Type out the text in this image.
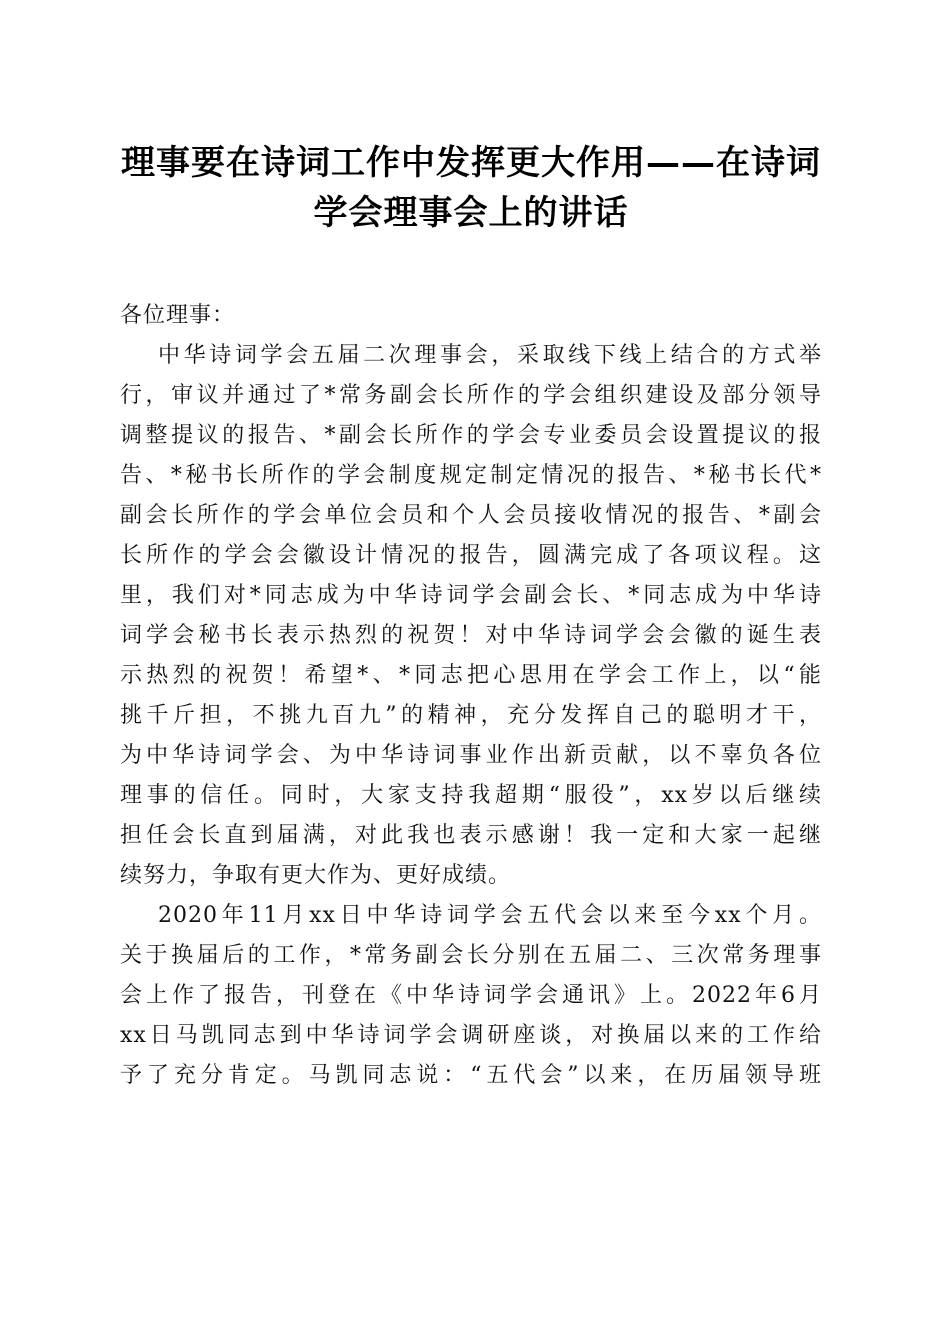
理事要在诗词工作中发挥更大作用——在诗词
学会理事会上的讲话
各位理事：
中华诗词学会五届二次理事会，采取线下线上结合的方式举
行，审议并通过了*常务副会长所作的学会组织建设及部分领导
调整提议的报告、*副会长所作的学会专业委员会设置提议的报
告、*秘书长所作的学会制度规定制定情况的报告、*秘书长代*
副会长所作的学会单位会员和个人会员接收情况的报告、*副会
长所作的学会会徽设计情况的报告，圆满完成了各项议程。这
里，我们对*同志成为中华诗词学会副会长、*同志成为中华诗
词学会秘书长表示热烈的祝贺！对中华诗词学会会徽的诞生表
示热烈的祝贺！希望*、*同志把心思用在学会工作上，以“能
挑千斤担，不挑九百九”的精神，充分发挥自己的聪明才干，
为中华诗词学会、为中华诗词事业作出新贡献，以不辜负各位
理事的信任。同时，大家支持我超期“服役”，xx岁以后继续
担任会长直到届满，对此我也表示感谢！我一定和大家一起继
续努力，争取有更大作为、更好成绩。
2020年11月xx日中华诗词学会五代会以来至今xx个月。
关于换届后的工作，*常务副会长分别在五届二、三次常务理事
会上作了报告，刊登在《中华诗词学会通讯》上。2022年6月
xx日马凯同志到中华诗词学会调研座谈，对换届以来的工作给
予了充分肯定。马凯同志说：“五代会”以来，在历届领导班
